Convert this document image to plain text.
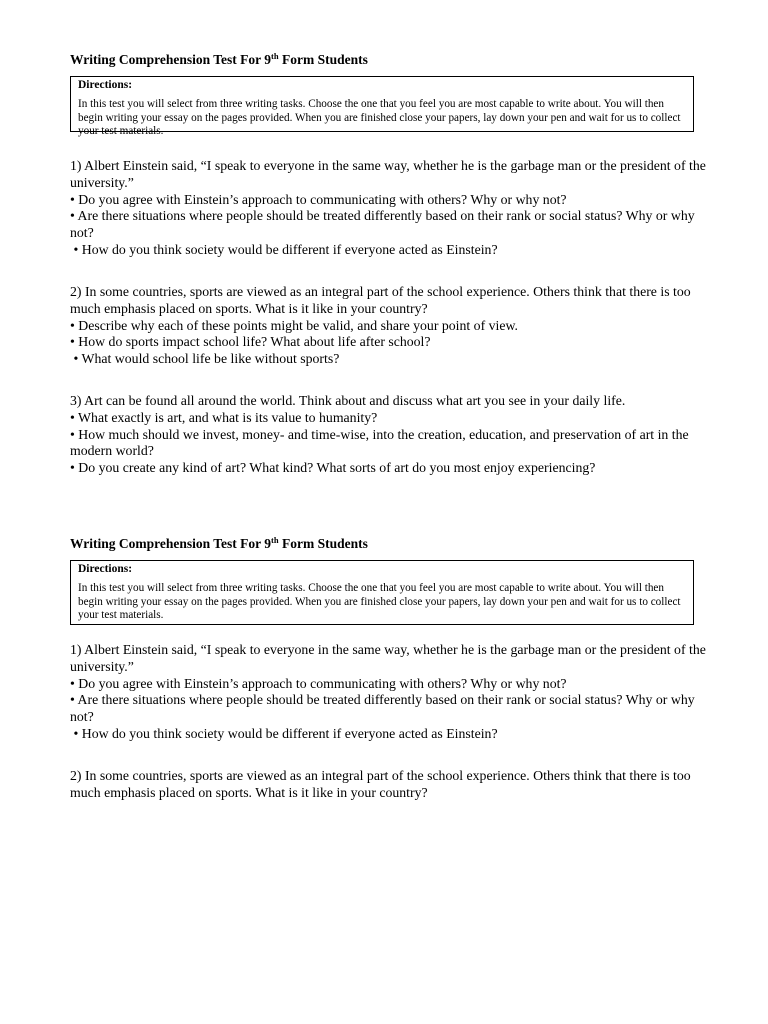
Writing Comprehension Test For 9th Form Students
Directions:
In this test you will select from three writing tasks. Choose the one that you feel you are most capable to write about. You will then begin writing your essay on the pages provided. When you are finished close your papers, lay down your pen and wait for us to collect your test materials.

1) Albert Einstein said, “I speak to everyone in the same way, whether he is the garbage man or the president of the university.”

• Do you agree with Einstein’s approach to communicating with others? Why or why not?

• Are there situations where people should be treated differently based on their rank or social status? Why or why not?

• How do you think society would be different if everyone acted as Einstein?

2) In some countries, sports are viewed as an integral part of the school experience. Others think that there is too much emphasis placed on sports. What is it like in your country?

• Describe why each of these points might be valid, and share your point of view.

• How do sports impact school life? What about life after school?

• What would school life be like without sports?

3) Art can be found all around the world. Think about and discuss what art you see in your daily life.

• What exactly is art, and what is its value to humanity?

• How much should we invest, money- and time-wise, into the creation, education, and preservation of art in the modern world?

• Do you create any kind of art? What kind? What sorts of art do you most enjoy experiencing?

Writing Comprehension Test For 9th Form Students
Directions:
In this test you will select from three writing tasks. Choose the one that you feel you are most capable to write about. You will then begin writing your essay on the pages provided. When you are finished close your papers, lay down your pen and wait for us to collect your test materials.

1) Albert Einstein said, “I speak to everyone in the same way, whether he is the garbage man or the president of the university.”

• Do you agree with Einstein’s approach to communicating with others? Why or why not?

• Are there situations where people should be treated differently based on their rank or social status? Why or why not?

• How do you think society would be different if everyone acted as Einstein?

2) In some countries, sports are viewed as an integral part of the school experience. Others think that there is too much emphasis placed on sports. What is it like in your country?
